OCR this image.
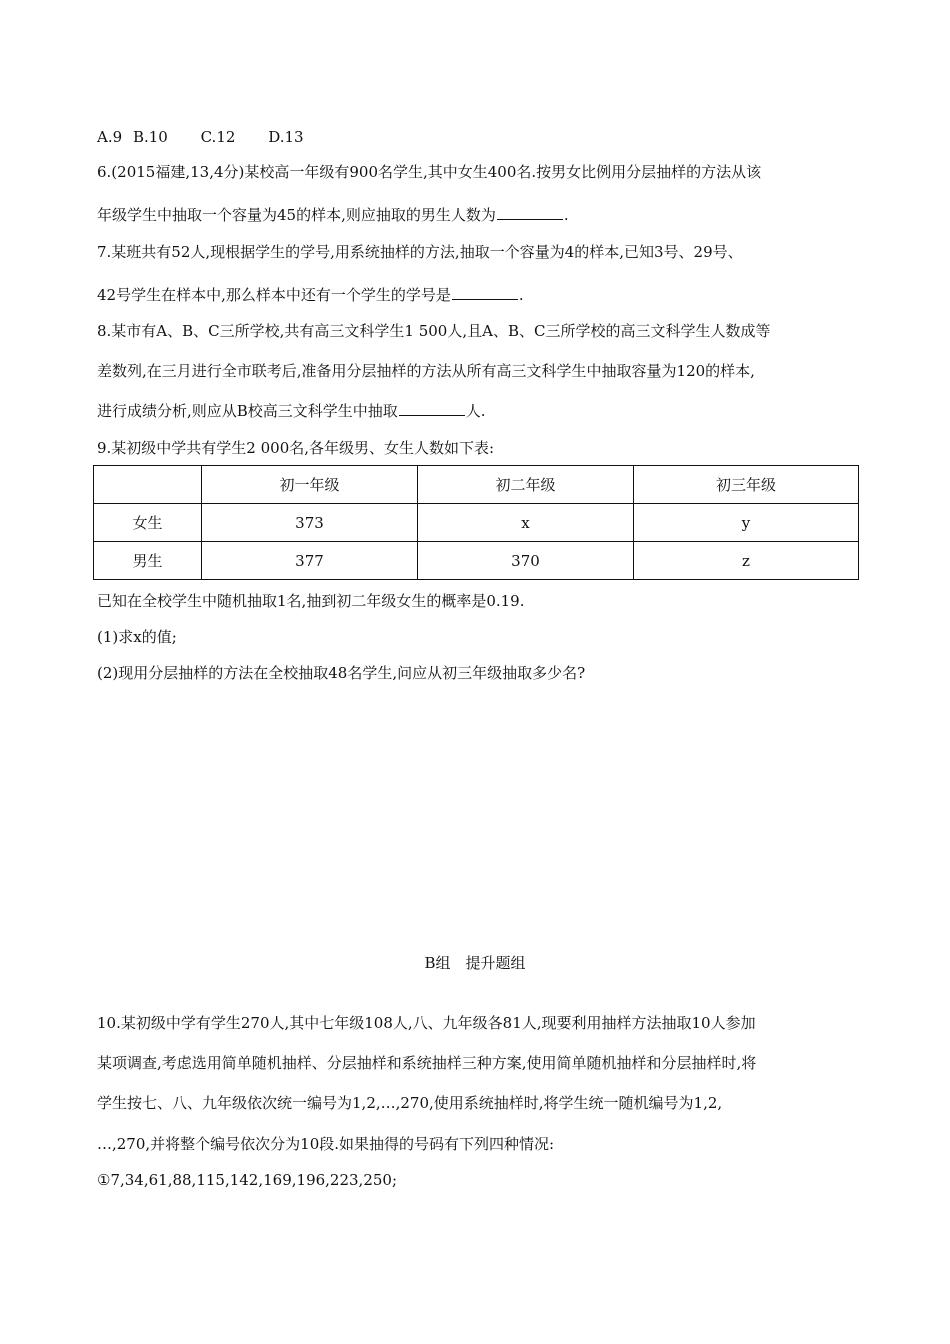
A.9 B.10 C.12 D.13
6.(2015福建,13,4分)某校高一年级有900名学生,其中女生400名.按男女比例用分层抽样的方法从该
年级学生中抽取一个容量为45的样本,则应抽取的男生人数为	.
7.某班共有52人,现根据学生的学号,用系统抽样的方法,抽取一个容量为4的样本,已知3号、29号、
42号学生在样本中,那么样本中还有一个学生的学号是	.
8.某市有A、B、C三所学校,共有高三文科学生1 500人,且A、B、C三所学校的高三文科学生人数成等
差数列,在三月进行全市联考后,准备用分层抽样的方法从所有高三文科学生中抽取容量为120的样本,
进行成绩分析,则应从B校高三文科学生中抽取	人.
9.某初级中学共有学生2 000名,各年级男、女生人数如下表:
	初一年级	初二年级	初三年级
女生	373	x	y
男生	377	370	z
已知在全校学生中随机抽取1名,抽到初二年级女生的概率是0.19.
(1)求x的值;
(2)现用分层抽样的方法在全校抽取48名学生,问应从初三年级抽取多少名?
B组　提升题组
10.某初级中学有学生270人,其中七年级108人,八、九年级各81人,现要利用抽样方法抽取10人参加
某项调查,考虑选用简单随机抽样、分层抽样和系统抽样三种方案,使用简单随机抽样和分层抽样时,将
学生按七、八、九年级依次统一编号为1,2,…,270,使用系统抽样时,将学生统一随机编号为1,2,
…,270,并将整个编号依次分为10段.如果抽得的号码有下列四种情况:
①7,34,61,88,115,142,169,196,223,250;
